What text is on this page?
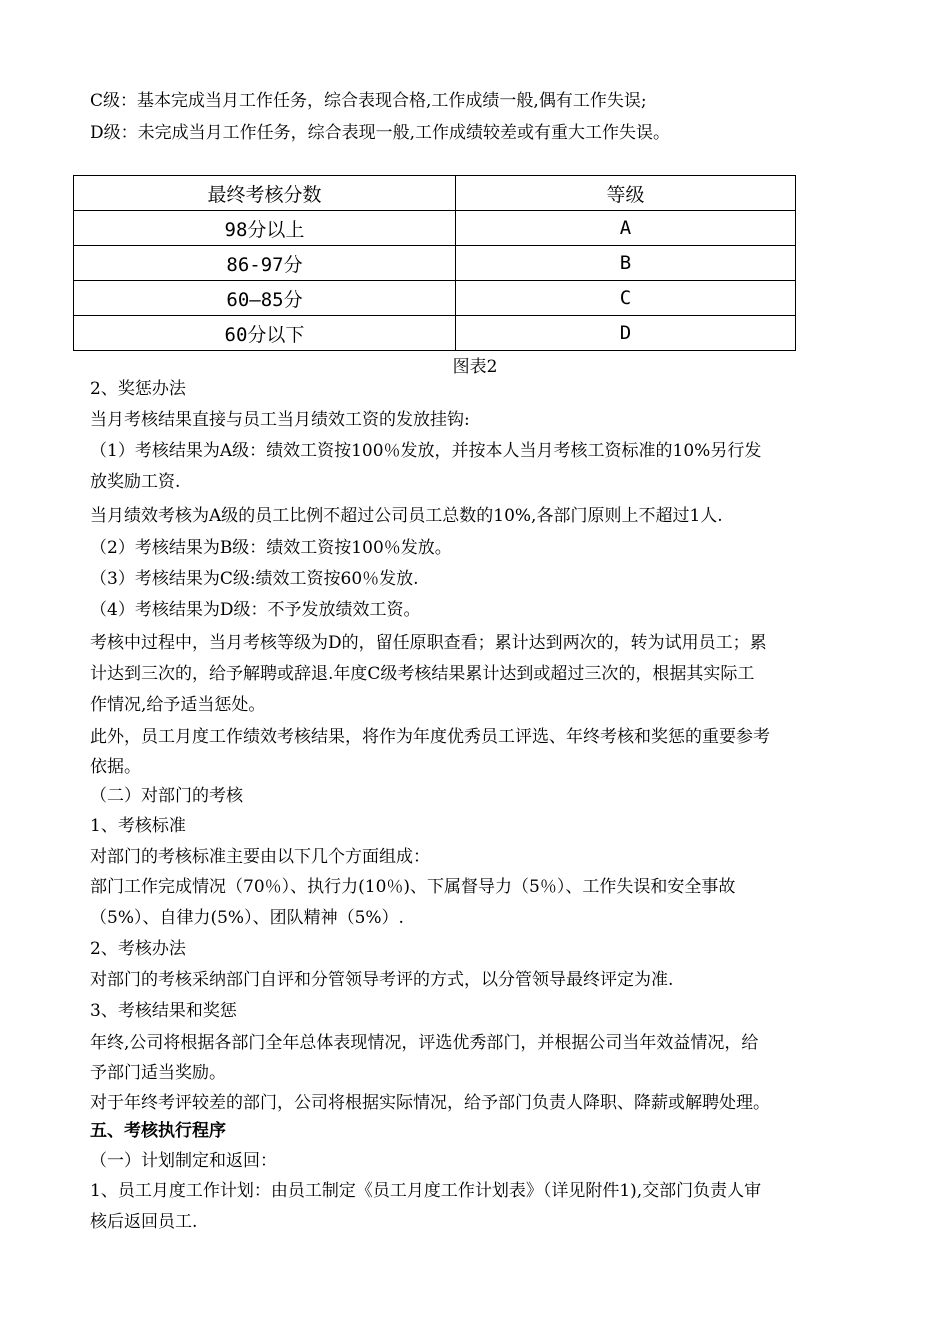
C级：基本完成当月工作任务，综合表现合格,工作成绩一般,偶有工作失误;
D级：未完成当月工作任务，综合表现一般,工作成绩较差或有重大工作失误。
最终考核分数	等级
98分以上	A
86-97分	B
60—85分	C
60分以下	D
图表2
2、奖惩办法
当月考核结果直接与员工当月绩效工资的发放挂钩:
（1）考核结果为A级：绩效工资按100％发放，并按本人当月考核工资标准的10%另行发
放奖励工资.
当月绩效考核为A级的员工比例不超过公司员工总数的10%,各部门原则上不超过1人.
（2）考核结果为B级：绩效工资按100％发放。
（3）考核结果为C级:绩效工资按60％发放.
（4）考核结果为D级：不予发放绩效工资。
考核中过程中，当月考核等级为D的，留任原职查看；累计达到两次的，转为试用员工；累
计达到三次的，给予解聘或辞退.年度C级考核结果累计达到或超过三次的，根据其实际工
作情况,给予适当惩处。
此外，员工月度工作绩效考核结果，将作为年度优秀员工评选、年终考核和奖惩的重要参考
依据。
（二）对部门的考核
1、考核标准
对部门的考核标准主要由以下几个方面组成：
部门工作完成情况（70％）、执行力(10％)、下属督导力（5％）、工作失误和安全事故
（5%）、自律力(5%）、团队精神（5%）.
2、考核办法
对部门的考核采纳部门自评和分管领导考评的方式，以分管领导最终评定为准.
3、考核结果和奖惩
年终,公司将根据各部门全年总体表现情况，评选优秀部门，并根据公司当年效益情况，给
予部门适当奖励。
对于年终考评较差的部门，公司将根据实际情况，给予部门负责人降职、降薪或解聘处理。
五、考核执行程序
（一）计划制定和返回：
1、员工月度工作计划：由员工制定《员工月度工作计划表》（详见附件1),交部门负责人审
核后返回员工.
